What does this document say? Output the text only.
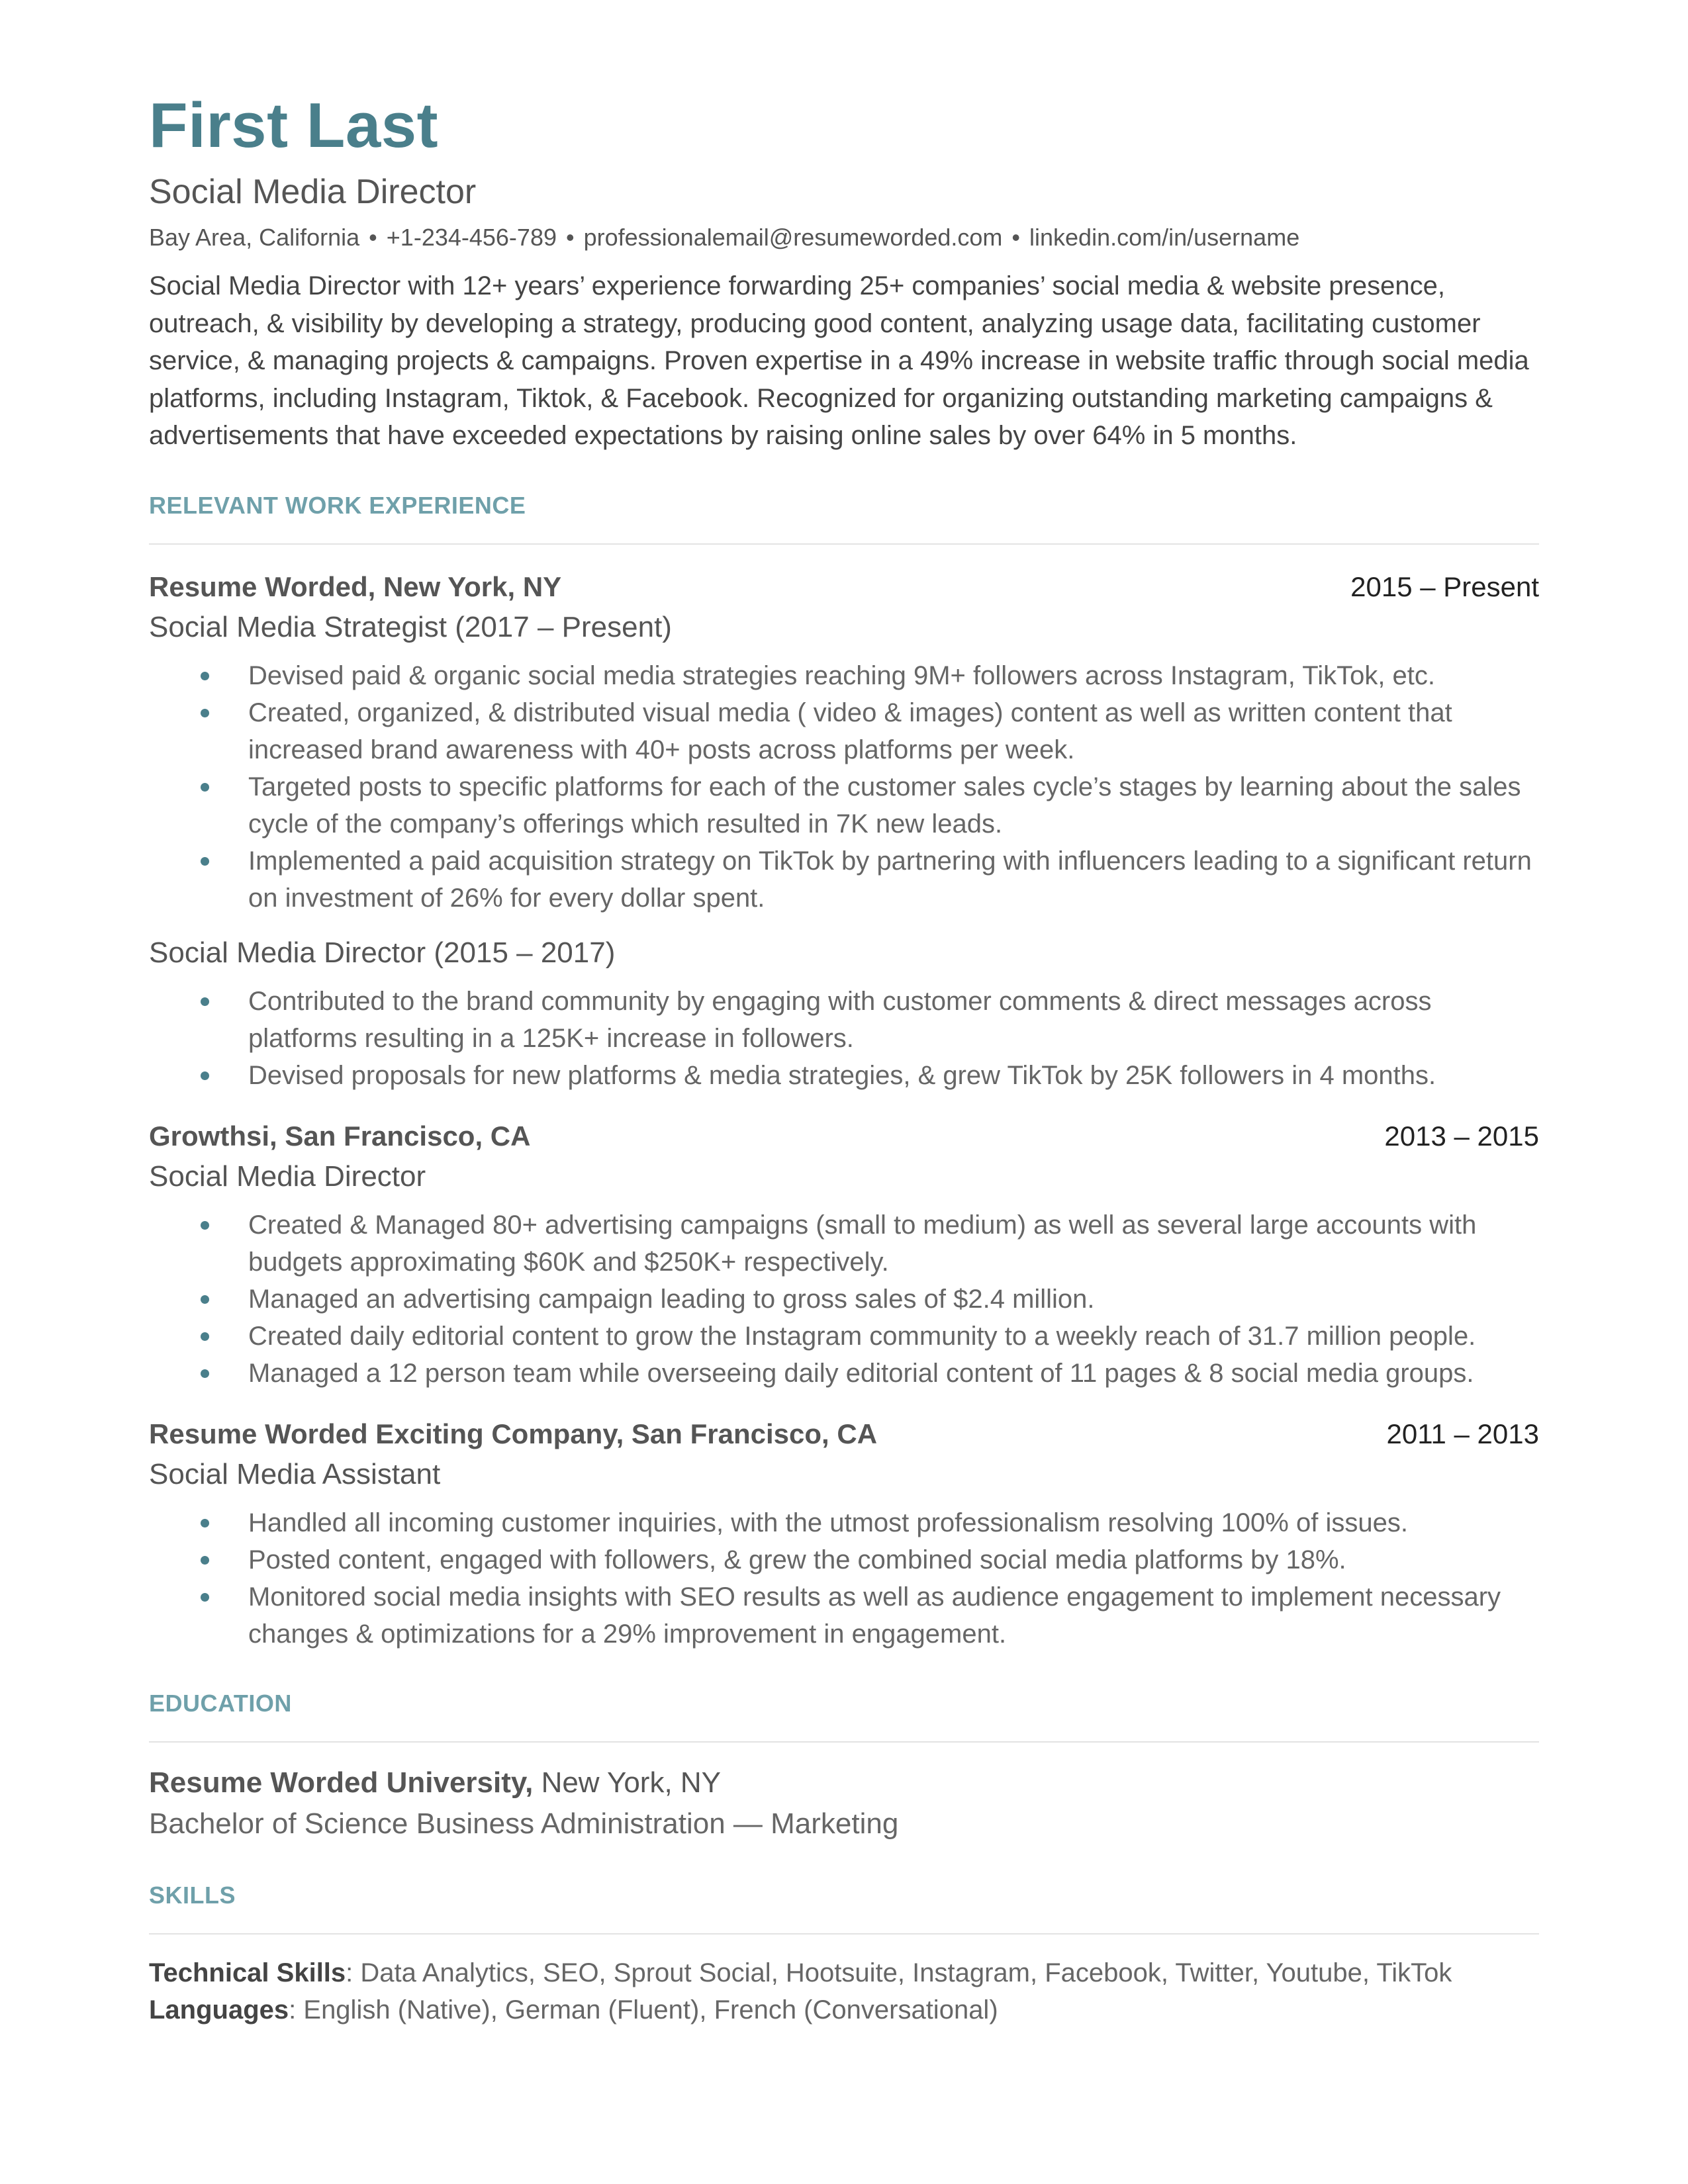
First Last
Social Media Director
Bay Area, California • +1-234-456-789 • professionalemail@resumeworded.com • linkedin.com/in/username
Social Media Director with 12+ years’ experience forwarding 25+ companies’ social media & website presence, outreach, & visibility by developing a strategy, producing good content, analyzing usage data, facilitating customer service, & managing projects & campaigns. Proven expertise in a 49% increase in website traffic through social media platforms, including Instagram, Tiktok, & Facebook. Recognized for organizing outstanding marketing campaigns & advertisements that have exceeded expectations by raising online sales by over 64% in 5 months.
RELEVANT WORK EXPERIENCE
Resume Worded, New York, NY	2015 – Present
Social Media Strategist (2017 – Present)
Devised paid & organic social media strategies reaching 9M+ followers across Instagram, TikTok, etc.
Created, organized, & distributed visual media ( video & images) content as well as written content that increased brand awareness with 40+ posts across platforms per week.
Targeted posts to specific platforms for each of the customer sales cycle’s stages by learning about the sales cycle of the company’s offerings which resulted in 7K new leads.
Implemented a paid acquisition strategy on TikTok by partnering with influencers leading to a significant return on investment of 26% for every dollar spent.
Social Media Director (2015 – 2017)
Contributed to the brand community by engaging with customer comments & direct messages across platforms resulting in a 125K+ increase in followers.
Devised proposals for new platforms & media strategies, & grew TikTok by 25K followers in 4 months.
Growthsi, San Francisco, CA	2013 – 2015
Social Media Director
Created & Managed 80+ advertising campaigns (small to medium) as well as several large accounts with budgets approximating $60K and $250K+ respectively.
Managed an advertising campaign leading to gross sales of $2.4 million.
Created daily editorial content to grow the Instagram community to a weekly reach of 31.7 million people.
Managed a 12 person team while overseeing daily editorial content of 11 pages & 8 social media groups.
Resume Worded Exciting Company, San Francisco, CA	2011 – 2013
Social Media Assistant
Handled all incoming customer inquiries, with the utmost professionalism resolving 100% of issues.
Posted content, engaged with followers, & grew the combined social media platforms by 18%.
Monitored social media insights with SEO results as well as audience engagement to implement necessary changes & optimizations for a 29% improvement in engagement.
EDUCATION
Resume Worded University, New York, NY
Bachelor of Science Business Administration — Marketing
SKILLS
Technical Skills: Data Analytics, SEO, Sprout Social, Hootsuite, Instagram, Facebook, Twitter, Youtube, TikTok
Languages: English (Native), German (Fluent), French (Conversational)
